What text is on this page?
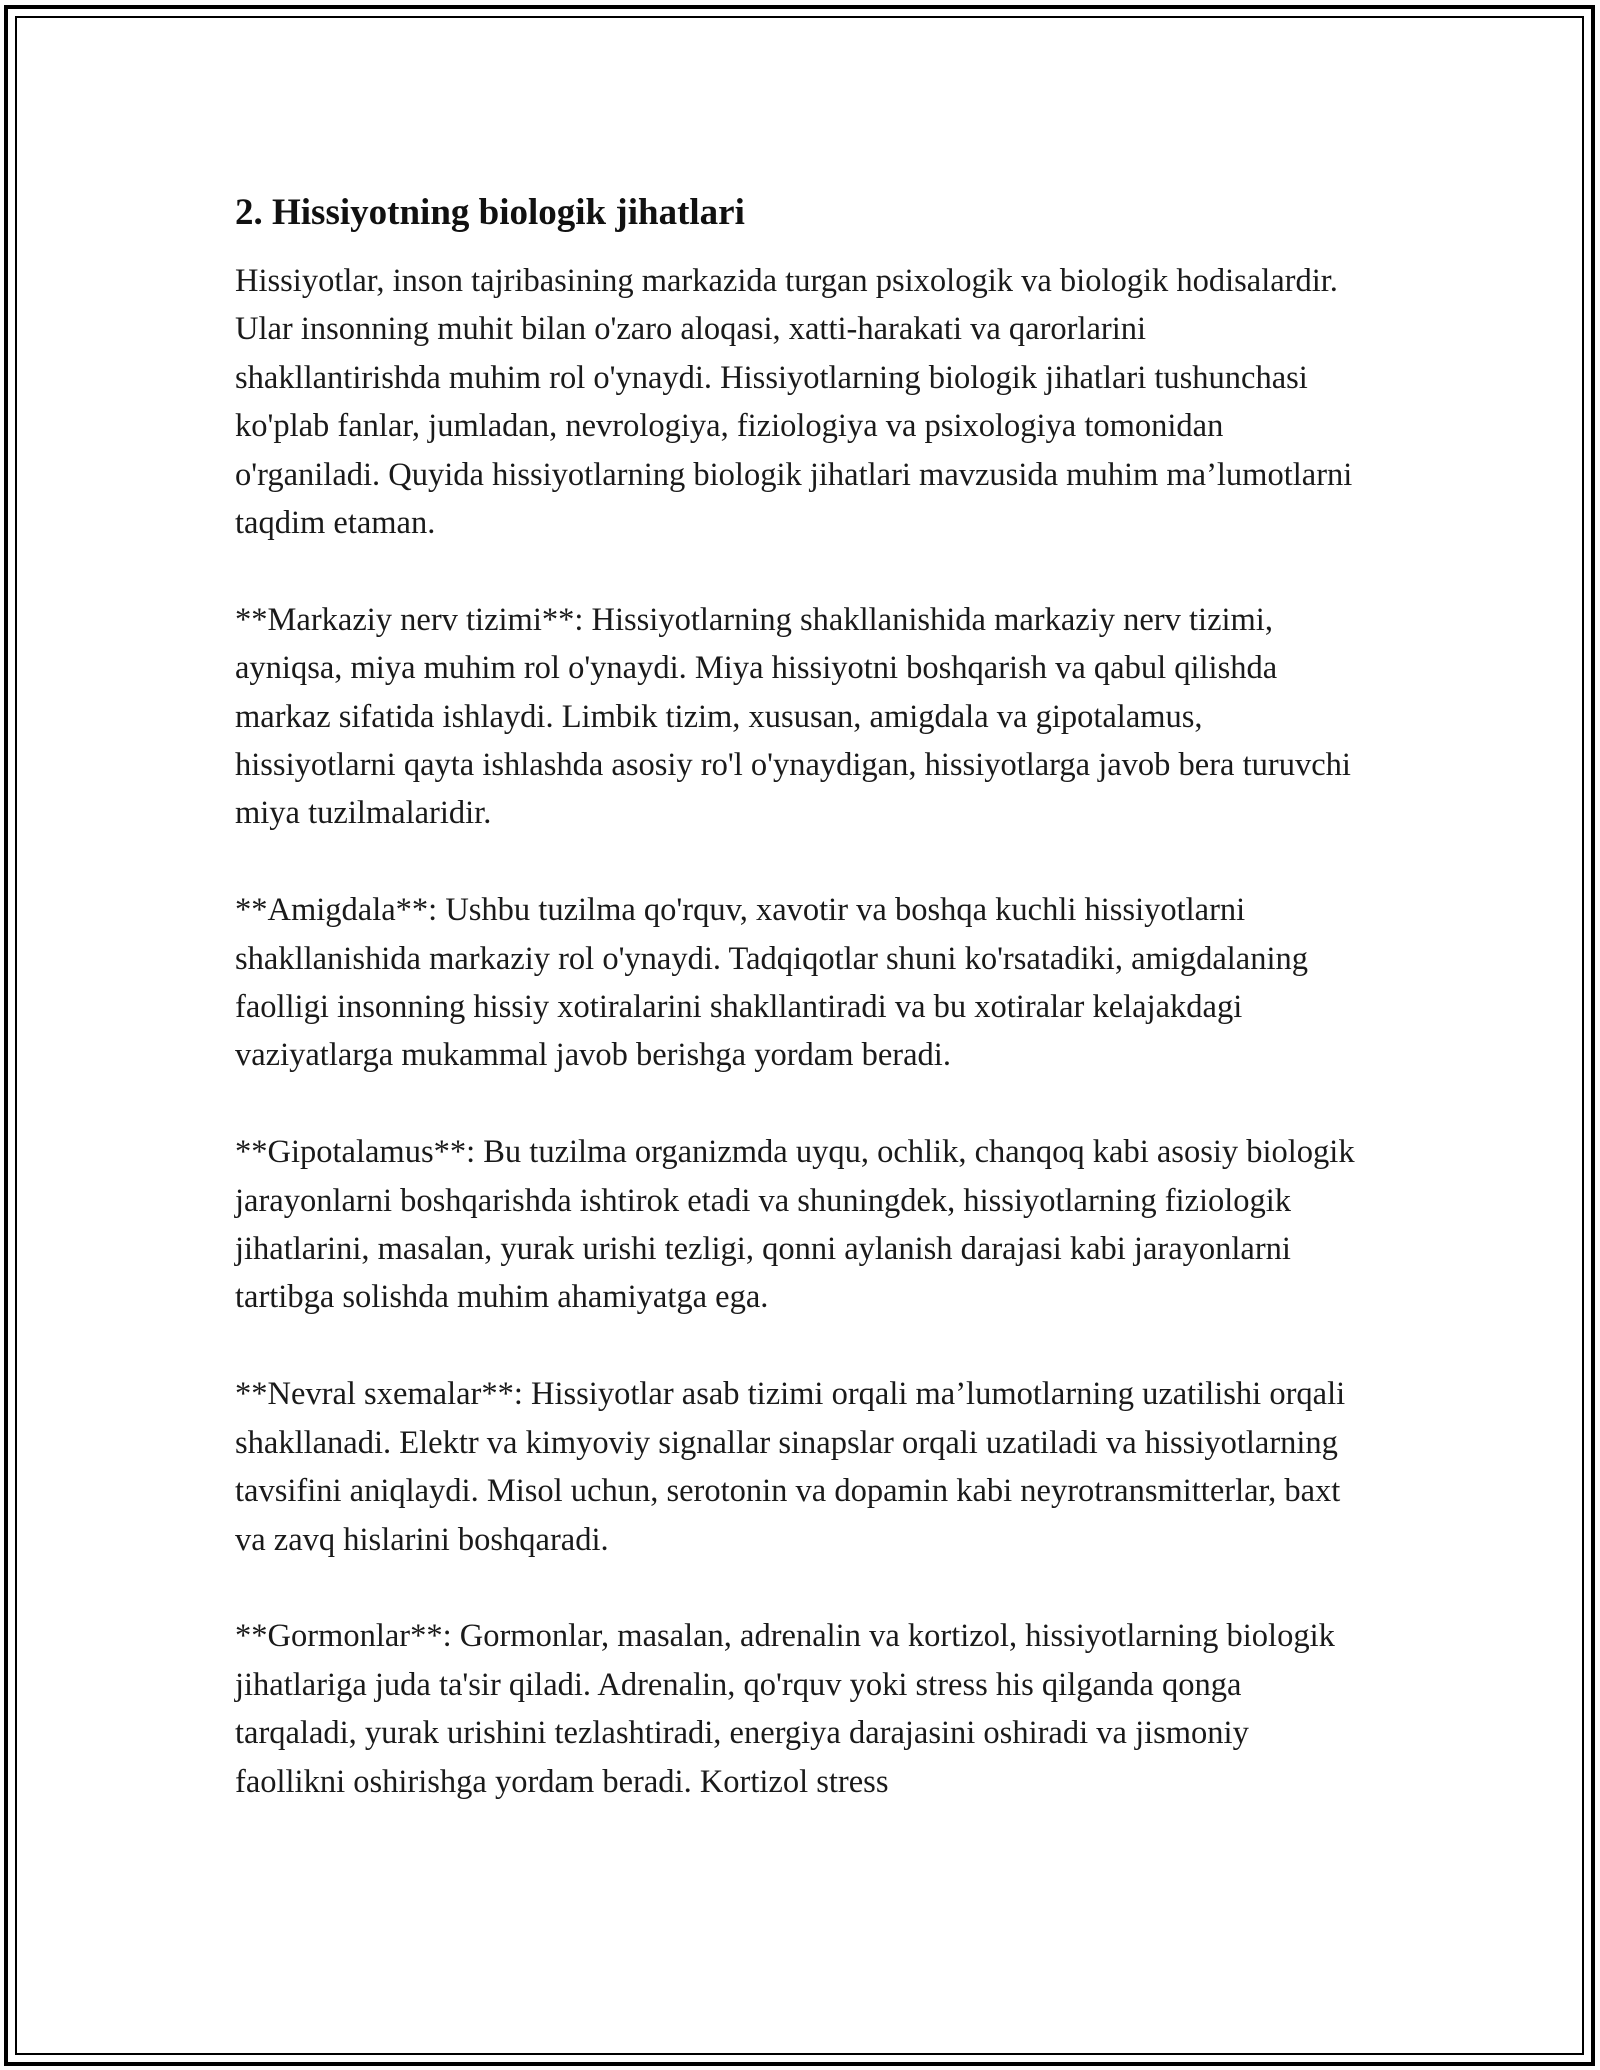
2. Hissiyotning biologik jihatlari

Hissiyotlar, inson tajribasining markazida turgan psixologik va biologik hodisalardir. Ular insonning muhit bilan o'zaro aloqasi, xatti-harakati va qarorlarini shakllantirishda muhim rol o'ynaydi. Hissiyotlarning biologik jihatlari tushunchasi ko'plab fanlar, jumladan, nevrologiya, fiziologiya va psixologiya tomonidan o'rganiladi. Quyida hissiyotlarning biologik jihatlari mavzusida muhim ma’lumotlarni taqdim etaman.

**Markaziy nerv tizimi**: Hissiyotlarning shakllanishida markaziy nerv tizimi, ayniqsa, miya muhim rol o'ynaydi. Miya hissiyotni boshqarish va qabul qilishda markaz sifatida ishlaydi. Limbik tizim, xususan, amigdala va gipotalamus, hissiyotlarni qayta ishlashda asosiy ro'l o'ynaydigan, hissiyotlarga javob bera turuvchi miya tuzilmalaridir.

**Amigdala**: Ushbu tuzilma qo'rquv, xavotir va boshqa kuchli hissiyotlarni shakllanishida markaziy rol o'ynaydi. Tadqiqotlar shuni ko'rsatadiki, amigdalaning faolligi insonning hissiy xotiralarini shakllantiradi va bu xotiralar kelajakdagi vaziyatlarga mukammal javob berishga yordam beradi.

**Gipotalamus**: Bu tuzilma organizmda uyqu, ochlik, chanqoq kabi asosiy biologik jarayonlarni boshqarishda ishtirok etadi va shuningdek, hissiyotlarning fiziologik jihatlarini, masalan, yurak urishi tezligi, qonni aylanish darajasi kabi jarayonlarni tartibga solishda muhim ahamiyatga ega.

**Nevral sxemalar**: Hissiyotlar asab tizimi orqali ma’lumotlarning uzatilishi orqali shakllanadi. Elektr va kimyoviy signallar sinapslar orqali uzatiladi va hissiyotlarning tavsifini aniqlaydi. Misol uchun, serotonin va dopamin kabi neyrotransmitterlar, baxt va zavq hislarini boshqaradi.

**Gormonlar**: Gormonlar, masalan, adrenalin va kortizol, hissiyotlarning biologik jihatlariga juda ta'sir qiladi. Adrenalin, qo'rquv yoki stress his qilganda qonga tarqaladi, yurak urishini tezlashtiradi, energiya darajasini oshiradi va jismoniy faollikni oshirishga yordam beradi. Kortizol stress
